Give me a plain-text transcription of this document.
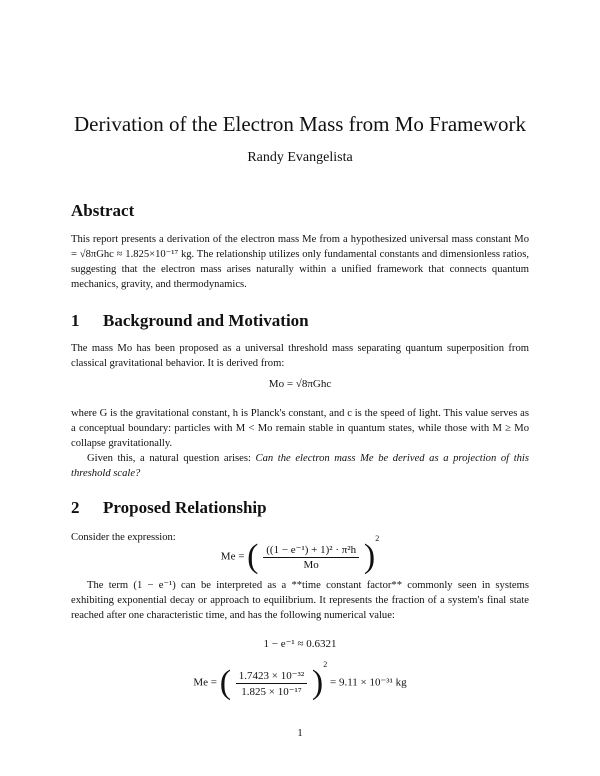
Derivation of the Electron Mass from Mo Framework
Randy Evangelista
Abstract
This report presents a derivation of the electron mass Me from a hypothesized universal mass constant Mo = √8πGhc ≈ 1.825×10⁻¹⁷ kg. The relationship utilizes only fundamental constants and dimensionless ratios, suggesting that the electron mass arises naturally within a unified framework that connects quantum mechanics, gravity, and thermodynamics.
1 Background and Motivation
The mass Mo has been proposed as a universal threshold mass separating quantum superposition from classical gravitational behavior. It is derived from:
Mo = √8πGhc
where G is the gravitational constant, h is Planck's constant, and c is the speed of light. This value serves as a conceptual boundary: particles with M < Mo remain stable in quantum states, while those with M ≥ Mo collapse gravitationally.
Given this, a natural question arises: Can the electron mass Me be derived as a projection of this threshold scale?
2 Proposed Relationship
Consider the expression:
Me = ( $\frac{\text{((1 − e⁻¹) + 1)² · π²h}}{Mo} )^2$
The term (1 − e⁻¹) can be interpreted as a **time constant factor** commonly seen in systems exhibiting exponential decay or approach to equilibrium. It represents the fraction of a system's final state reached after one characteristic time, and has the following numerical value:
1 − e⁻¹ ≈ 0.6321
Me = ( $\frac{\text{1.7423 × 10⁻³²}}{\text{1.825 × 10⁻¹⁷}} )^2 = 9.11 \times 10^{-31}$ kg
1
